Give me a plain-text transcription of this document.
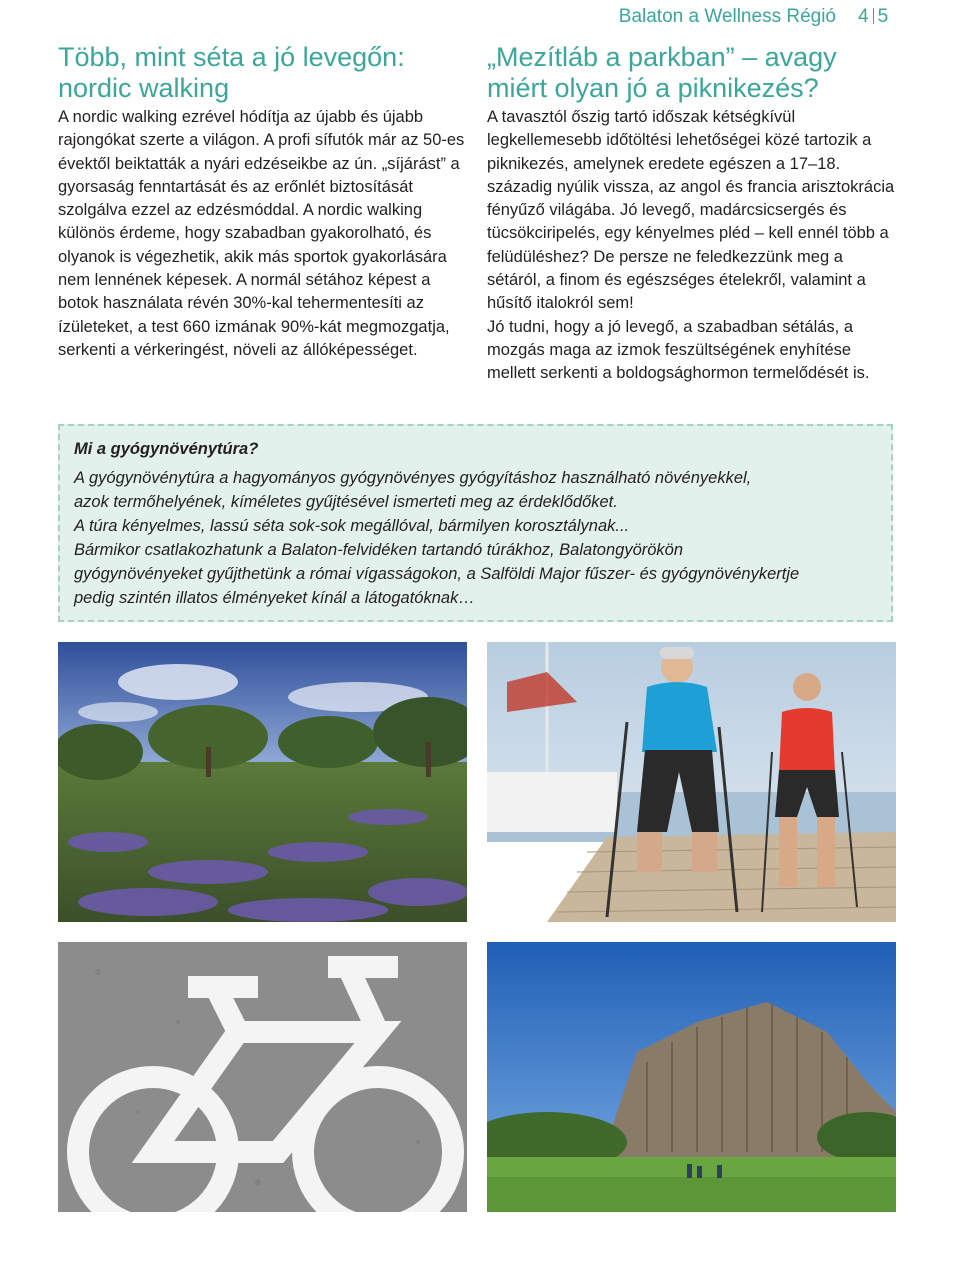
Balaton a Wellness Régió 4 5
Több, mint séta a jó levegőn: nordic walking

A nordic walking ezrével hódítja az újabb és újabb rajongókat szerte a világon. A profi sífutók már az 50-es évektől beiktatták a nyári edzéseikbe az ún. „síjárást” a gyorsaság fenntartását és az erőnlét biztosítását szolgálva ezzel az edzésmóddal. A nordic walking különös érdeme, hogy szabadban gyakorolható, és olyanok is végezhetik, akik más sportok gyakorlására nem lennének képesek. A normál sétához képest a botok használata révén 30%-kal tehermentesíti az ízületeket, a test 660 izmának 90%-kát megmozgatja, serkenti a vérkeringést, növeli az állóképességet.

„Mezítláb a parkban” – avagy miért olyan jó a piknikezés?

A tavasztól őszig tartó időszak kétségkívül legkellemesebb időtöltési lehetőségei közé tartozik a piknikezés, amelynek eredete egészen a 17–18. századig nyúlik vissza, az angol és francia arisztokrácia fényűző világába. Jó levegő, madárcsicsergés és tücsökciripelés, egy kényelmes pléd – kell ennél több a felüdüléshez? De persze ne feledkezzünk meg a sétáról, a finom és egészséges ételekről, valamint a hűsítő italokról sem!

Jó tudni, hogy a jó levegő, a szabadban sétálás, a mozgás maga az izmok feszültségének enyhítése mellett serkenti a boldogsághormon termelődését is.

Mi a gyógynövénytúra?
A gyógynövénytúra a hagyományos gyógynövényes gyógyításhoz használható növényekkel,
azok termőhelyének, kíméletes gyűjtésével ismerteti meg az érdeklődőket.
A túra kényelmes, lassú séta sok-sok megállóval, bármilyen korosztálynak...
Bármikor csatlakozhatunk a Balaton-felvidéken tartandó túrákhoz, Balatongyörökön
gyógynövényeket gyűjthetünk a római vígasságokon, a Salföldi Major fűszer- és gyógynövénykertje
pedig szintén illatos élményeket kínál a látogatóknak…
